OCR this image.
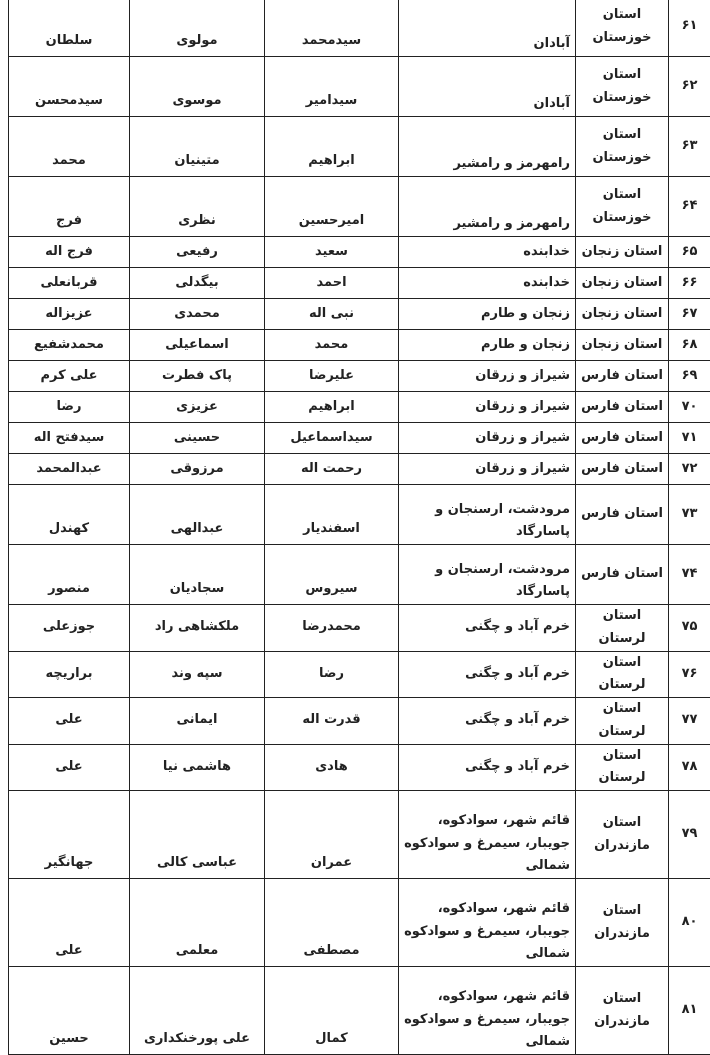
۶۱	استان خوزستان	آبادان	سیدمحمد	مولوی	سلطان
۶۲	استان خوزستان	آبادان	سیدامیر	موسوی	سیدمحسن
۶۳	استان خوزستان	رامهرمز و رامشیر	ابراهیم	متینیان	محمد
۶۴	استان خوزستان	رامهرمز و رامشیر	امیرحسین	نظری	فرج
۶۵	استان زنجان	خدابنده	سعید	رفیعی	فرج اله
۶۶	استان زنجان	خدابنده	احمد	بیگدلی	قربانعلی
۶۷	استان زنجان	زنجان و طارم	نبی اله	محمدی	عزیزاله
۶۸	استان زنجان	زنجان و طارم	محمد	اسماعیلی	محمدشفیع
۶۹	استان فارس	شیراز و زرقان	علیرضا	پاک فطرت	علی کرم
۷۰	استان فارس	شیراز و زرقان	ابراهیم	عزیزی	رضا
۷۱	استان فارس	شیراز و زرقان	سیداسماعیل	حسینی	سیدفتح اله
۷۲	استان فارس	شیراز و زرقان	رحمت اله	مرزوقی	عبدالمحمد
۷۳	استان فارس	مرودشت، ارسنجان و پاسارگاد	اسفندیار	عبدالهی	کهندل
۷۴	استان فارس	مرودشت، ارسنجان و پاسارگاد	سیروس	سجادیان	منصور
۷۵	استان لرستان	خرم آباد و چگنی	محمدرضا	ملکشاهی راد	جوزعلی
۷۶	استان لرستان	خرم آباد و چگنی	رضا	سپه وند	براریچه
۷۷	استان لرستان	خرم آباد و چگنی	قدرت اله	ایمانی	علی
۷۸	استان لرستان	خرم آباد و چگنی	هادی	هاشمی نیا	علی
۷۹	استان مازندران	قائم شهر، سوادکوه، جویبار، سیمرغ و سوادکوه شمالی	عمران	عباسی کالی	جهانگیر
۸۰	استان مازندران	قائم شهر، سوادکوه، جویبار، سیمرغ و سوادکوه شمالی	مصطفی	معلمی	علی
۸۱	استان مازندران	قائم شهر، سوادکوه، جویبار، سیمرغ و سوادکوه شمالی	کمال	علی پورخنکداری	حسین
